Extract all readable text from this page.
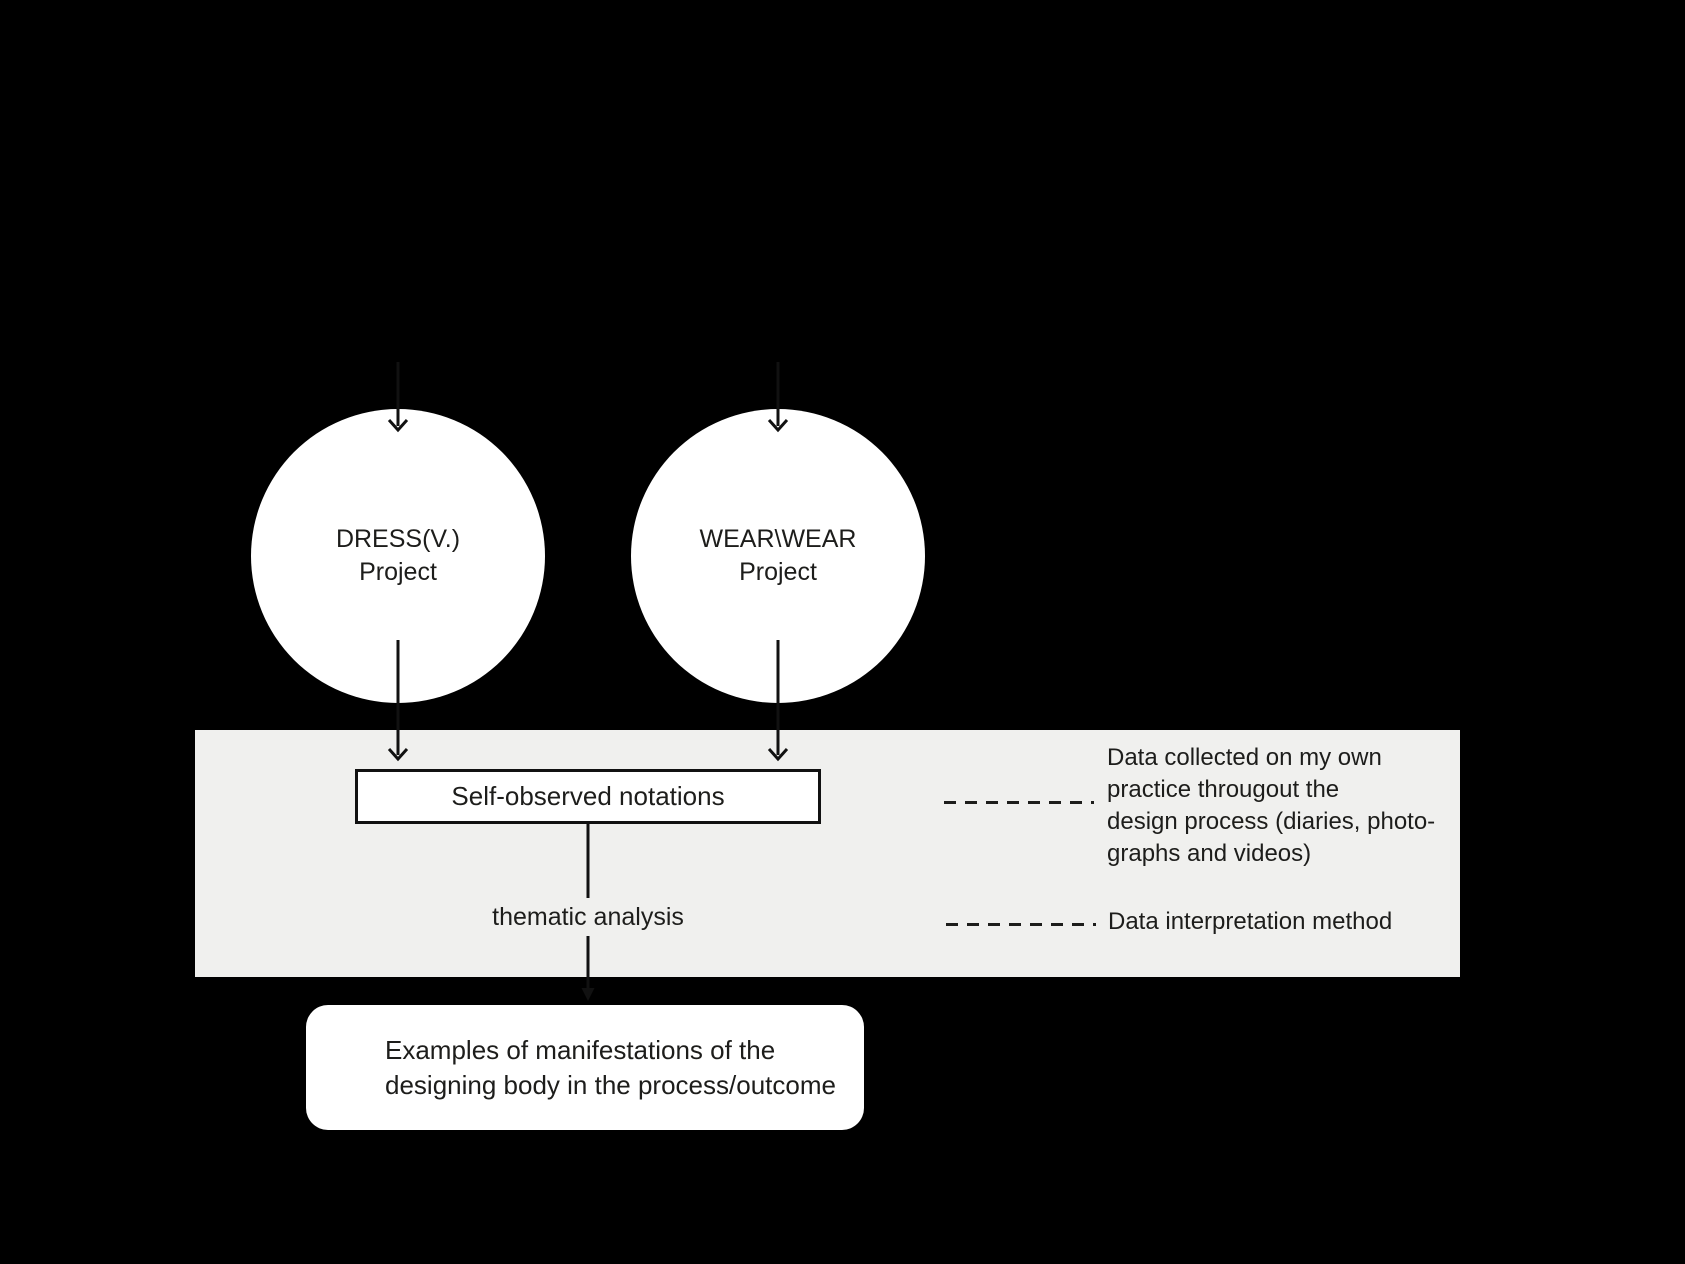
DRESS(V.)
Project
WEAR\WEAR
Project
Self-observed notations
thematic analysis
Data collected on my own
practice througout the
design process (diaries, photo-
graphs and videos)
Data interpretation method
Examples of manifestations of the
designing body in the process/outcome
